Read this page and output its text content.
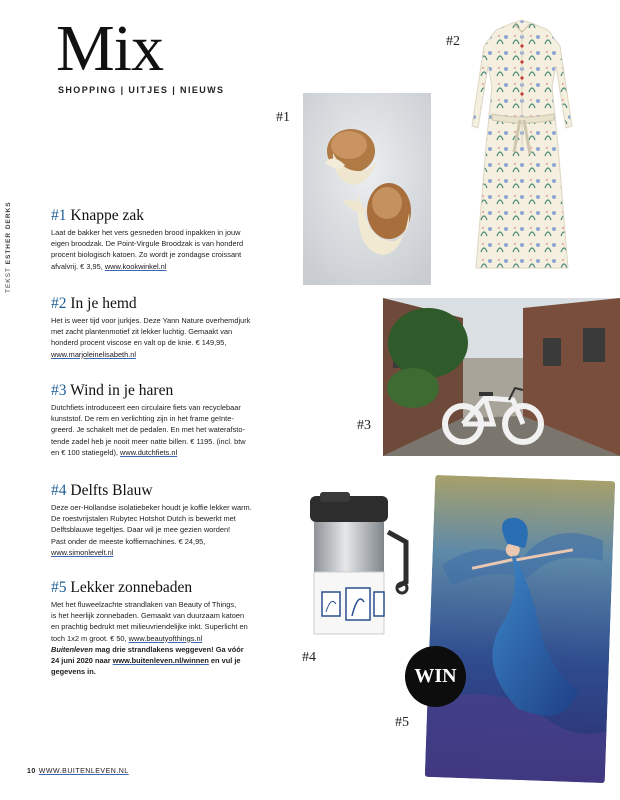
Mix
SHOPPING | UITJES | NIEUWS
TEKST ESTHER DERKS	#1 Knappe zak

Laat de bakker het vers gesneden brood inpakken in jouw
eigen broodzak. De Point-Virgule Broodzak is van honderd
procent biologisch katoen. Zo wordt je zondagse croissant
afvalvrij. € 3,95, www.kookwinkel.nl

#2 In je hemd

Het is weer tijd voor jurkjes. Deze Yann Nature overhemdjurk
met zacht plantenmotief zit lekker luchtig. Gemaakt van
honderd procent viscose en valt op de knie. € 149,95,
www.marjoleinelisabeth.nl

#3 Wind in je haren

Dutchfiets introduceert een circulaire fiets van recyclebaar
kunststof. De rem en verlichting zijn in het frame geïnte-
greerd. Je schakelt met de pedalen. En met het waterafsto-
tende zadel heb je nooit meer natte billen. € 1195. (incl. btw
en € 100 statiegeld), www.dutchfiets.nl

#4 Delfts Blauw

Deze oer-Hollandse isolatiebeker houdt je koffie lekker warm.
De roestvrijstalen Rubytec Hotshot Dutch is bewerkt met
Delftsblauwe tegeltjes. Daar wil je mee gezien worden!
Past onder de meeste koffiemachines. € 24,95,
www.simonlevelt.nl

#5 Lekker zonnebaden

Met het fluweelzachte strandlaken van Beauty of Things,
is het heerlijk zonnebaden. Gemaakt van duurzaam katoen
en prachtig bedrukt met milieuvriendelijke inkt. Superlicht en
toch 1x2 m groot. € 50, www.beautyofthings.nl
Buitenleven mag drie strandlakens weggeven! Ga vóór
24 juni 2020 naar www.buitenleven.nl/winnen en vul je
gegevens in.

#1
#2
#3
#4
#5
WIN
10 WWW.BUITENLEVEN.NL
